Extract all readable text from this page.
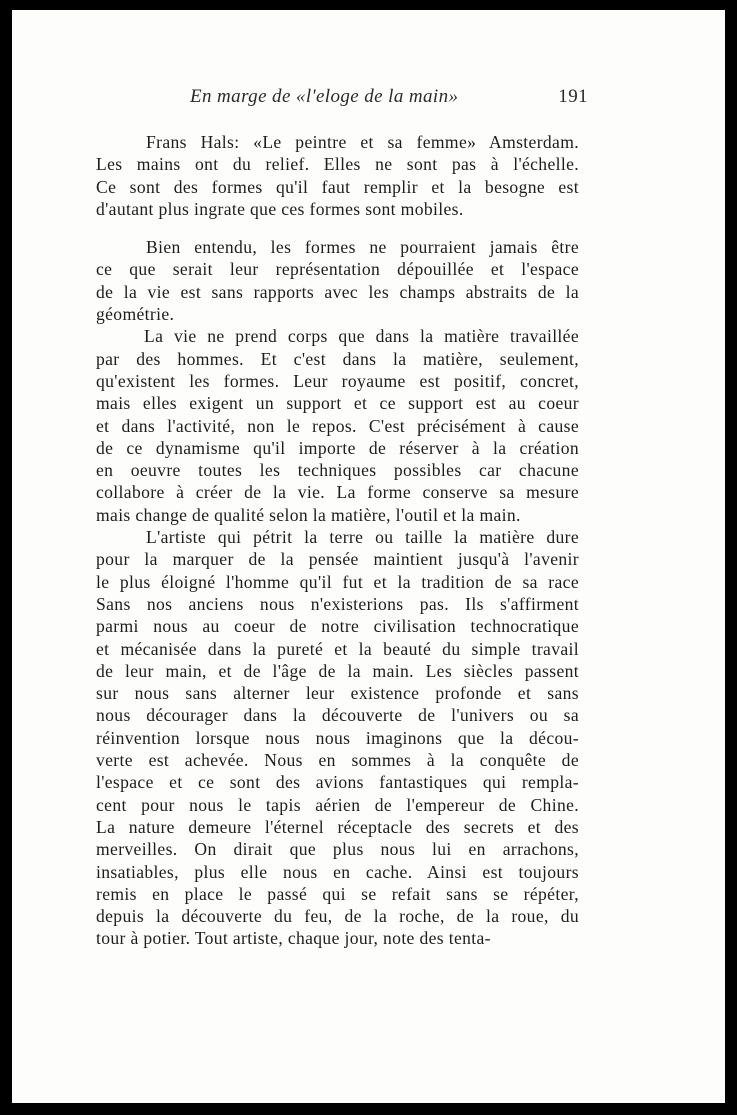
En marge de «l'eloge de la main»	191
Frans Hals: «Le peintre et sa femme» Amsterdam.
Les mains ont du relief. Elles ne sont pas à l'échelle.
Ce sont des formes qu'il faut remplir et la besogne est
d'autant plus ingrate que ces formes sont mobiles.
Bien entendu, les formes ne pourraient jamais être
ce que serait leur représentation dépouillée et l'espace
de la vie est sans rapports avec les champs abstraits de la
géométrie.
La vie ne prend corps que dans la matière travaillée
par des hommes. Et c'est dans la matière, seulement,
qu'existent les formes. Leur royaume est positif, concret,
mais elles exigent un support et ce support est au coeur
et dans l'activité, non le repos. C'est précisément à cause
de ce dynamisme qu'il importe de réserver à la création
en oeuvre toutes les techniques possibles car chacune
collabore à créer de la vie. La forme conserve sa mesure
mais change de qualité selon la matière, l'outil et la main.
L'artiste qui pétrit la terre ou taille la matière dure
pour la marquer de la pensée maintient jusqu'à l'avenir
le plus éloigné l'homme qu'il fut et la tradition de sa race
Sans nos anciens nous n'existerions pas. Ils s'affirment
parmi nous au coeur de notre civilisation technocratique
et mécanisée dans la pureté et la beauté du simple travail
de leur main, et de l'âge de la main. Les siècles passent
sur nous sans alterner leur existence profonde et sans
nous décourager dans la découverte de l'univers ou sa
réinvention lorsque nous nous imaginons que la décou-
verte est achevée. Nous en sommes à la conquête de
l'espace et ce sont des avions fantastiques qui rempla-
cent pour nous le tapis aérien de l'empereur de Chine.
La nature demeure l'éternel réceptacle des secrets et des
merveilles. On dirait que plus nous lui en arrachons,
insatiables, plus elle nous en cache. Ainsi est toujours
remis en place le passé qui se refait sans se répéter,
depuis la découverte du feu, de la roche, de la roue, du
tour à potier. Tout artiste, chaque jour, note des tenta-
